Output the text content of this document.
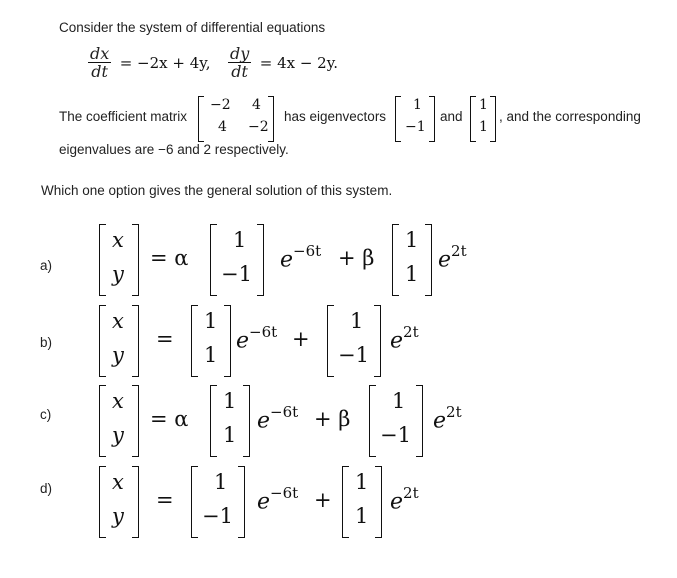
Consider the system of differential equations
$\frac{dx}{dt} = -2x + 4y$, $\frac{dy}{dt} = 4x - 2y$.
The coefficient matrix
−2 4
4 −2
has eigenvectors
1
−1
and
1
1
, and the corresponding
eigenvalues are −6 and 2 respectively.
Which one option gives the general solution of this system.
a)
x
y
= α
1
−1
$e^{-6t} + \beta$
1
1
$e^{2t}$
b)
x
y
=
1
1
$e^{-6t}$ +
1
−1
$e^{2t}$
c)
x
y
= α
1
1
$e^{-6t} + \beta$
1
−1
$e^{2t}$
d)	x
y
=
1
−1
$e^{-6t}$ +
1
1
$e^{2t}$
